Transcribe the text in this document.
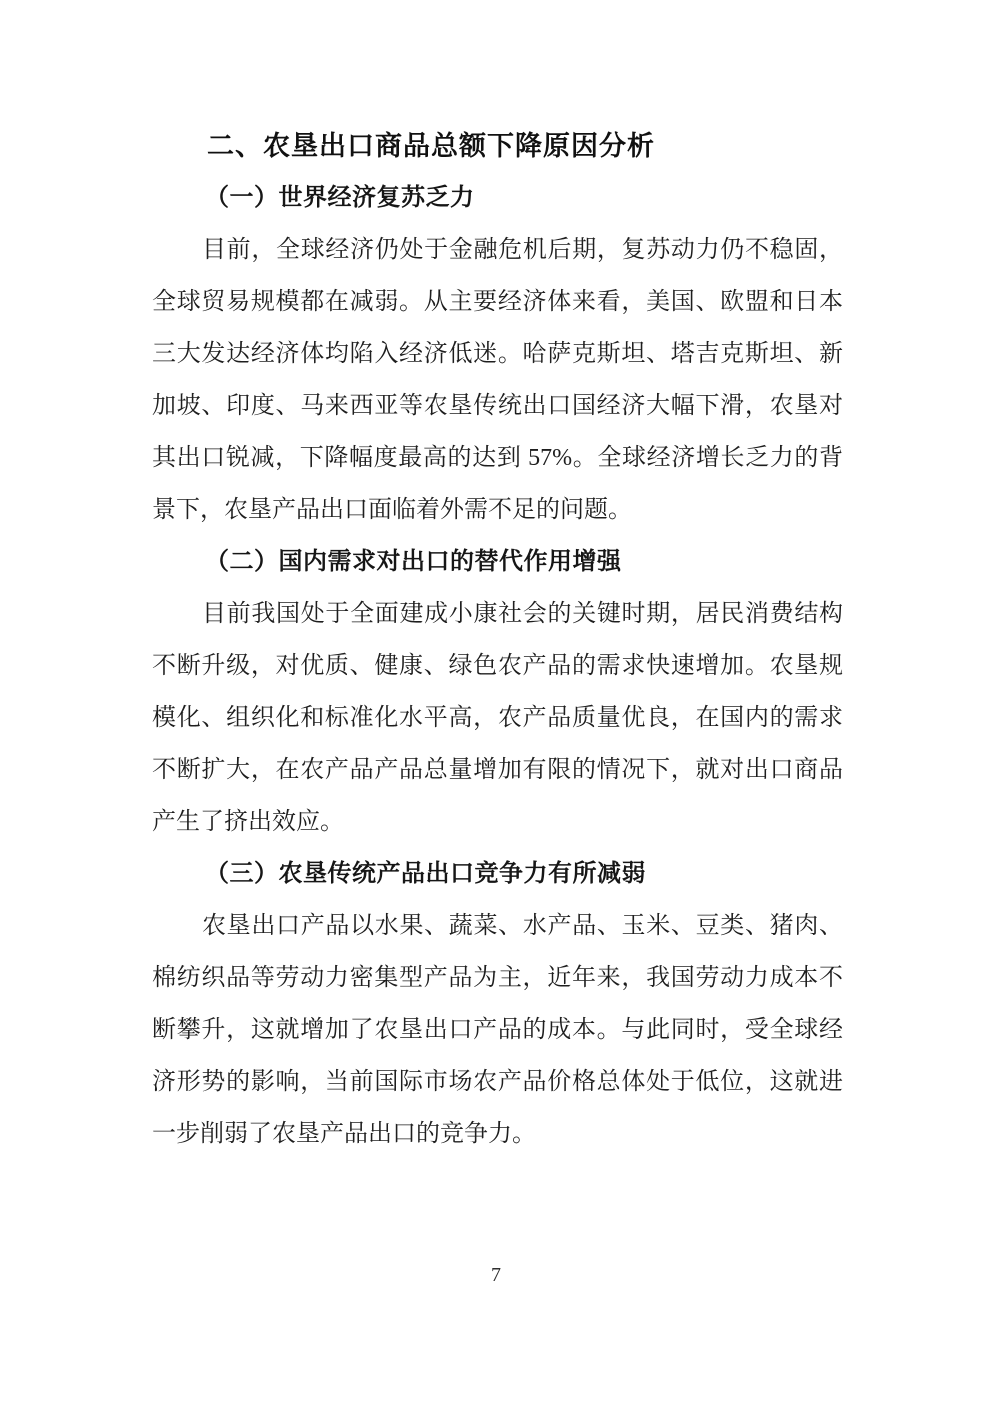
二、农垦出口商品总额下降原因分析
（一）世界经济复苏乏力
目前，全球经济仍处于金融危机后期，复苏动力仍不稳固，
全球贸易规模都在减弱。从主要经济体来看，美国、欧盟和日本
三大发达经济体均陷入经济低迷。哈萨克斯坦、塔吉克斯坦、新
加坡、印度、马来西亚等农垦传统出口国经济大幅下滑，农垦对
其出口锐减，下降幅度最高的达到 57%。全球经济增长乏力的背
景下，农垦产品出口面临着外需不足的问题。
（二）国内需求对出口的替代作用增强
目前我国处于全面建成小康社会的关键时期，居民消费结构
不断升级，对优质、健康、绿色农产品的需求快速增加。农垦规
模化、组织化和标准化水平高，农产品质量优良，在国内的需求
不断扩大，在农产品产品总量增加有限的情况下，就对出口商品
产生了挤出效应。
（三）农垦传统产品出口竞争力有所减弱
农垦出口产品以水果、蔬菜、水产品、玉米、豆类、猪肉、
棉纺织品等劳动力密集型产品为主，近年来，我国劳动力成本不
断攀升，这就增加了农垦出口产品的成本。与此同时，受全球经
济形势的影响，当前国际市场农产品价格总体处于低位，这就进
一步削弱了农垦产品出口的竞争力。
7
